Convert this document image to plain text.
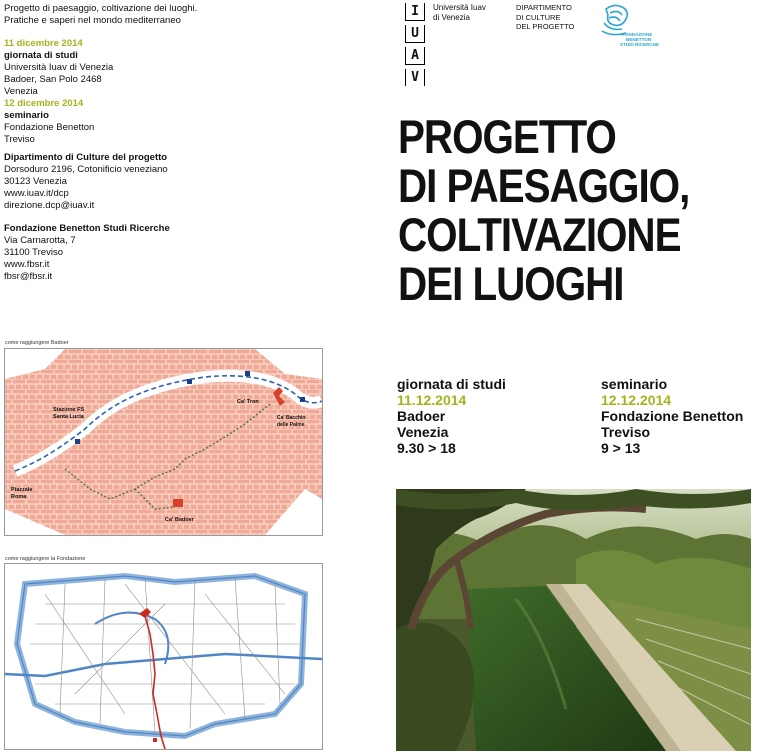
Progetto di paesaggio, coltivazione dei luoghi.
Pratiche e saperi nel mondo mediterraneo
11 dicembre 2014
giornata di studi
Università Iuav di Venezia
Badoer, San Polo 2468
Venezia
12 dicembre 2014
seminario
Fondazione Benetton
Treviso
Dipartimento di Culture del progetto
Dorsoduro 2196, Cotonificio veneziano
30123 Venezia
www.iuav.it/dcp
direzione.dcp@iuav.it
Fondazione Benetton Studi Ricerche
Via Carnarotta, 7
31100 Treviso
www.fbsr.it
fbsr@fbsr.it
I
U
A
V
Università Iuav
di Venezia
DIPARTIMENTO
DI CULTURE
DEL PROGETTO
FONDAZIONE
BENETTON
STUDI RICERCHE
PROGETTO
DI PAESAGGIO,
COLTIVAZIONE
DEI LUOGHI
giornata di studi
11.12.2014
Badoer
Venezia
9.30 > 18
seminario
12.12.2014
Fondazione Benetton
Treviso
9 > 13
come raggiungere Badoer
Stazione FS
Santa Lucia
Piazzale
Roma
Ca' Tron
Ca' Badoer
Ca' Bacchin
delle Palme
come raggiungere la Fondazione
